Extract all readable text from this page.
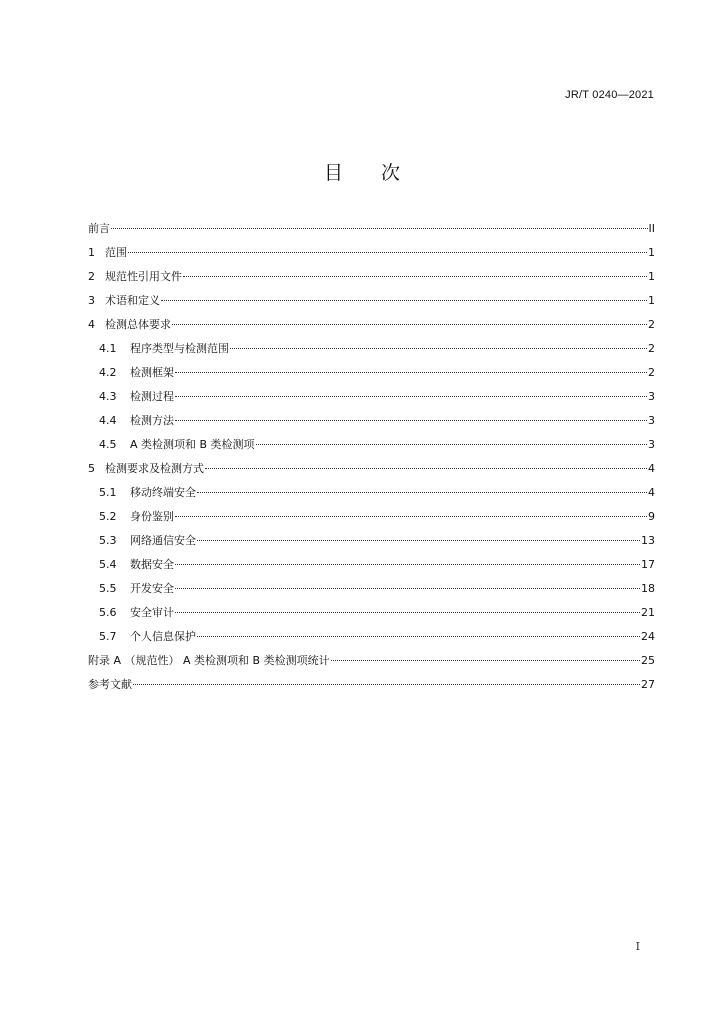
JR/T 0240—2021
目 次
前言	II
1 范围	1
2 规范性引用文件	1
3 术语和定义	1
4 检测总体要求	2
4.1	程序类型与检测范围	2
4.2	检测框架	2
4.3	检测过程	3
4.4	检测方法	3
4.5	A 类检测项和 B 类检测项	3
5 检测要求及检测方式	4
5.1	移动终端安全	4
5.2	身份鉴别	9
5.3	网络通信安全	13
5.4	数据安全	17
5.5	开发安全	18
5.6	安全审计	21
5.7	个人信息保护	24
附录 A （规范性） A 类检测项和 B 类检测项统计	25
参考文献	27
I
